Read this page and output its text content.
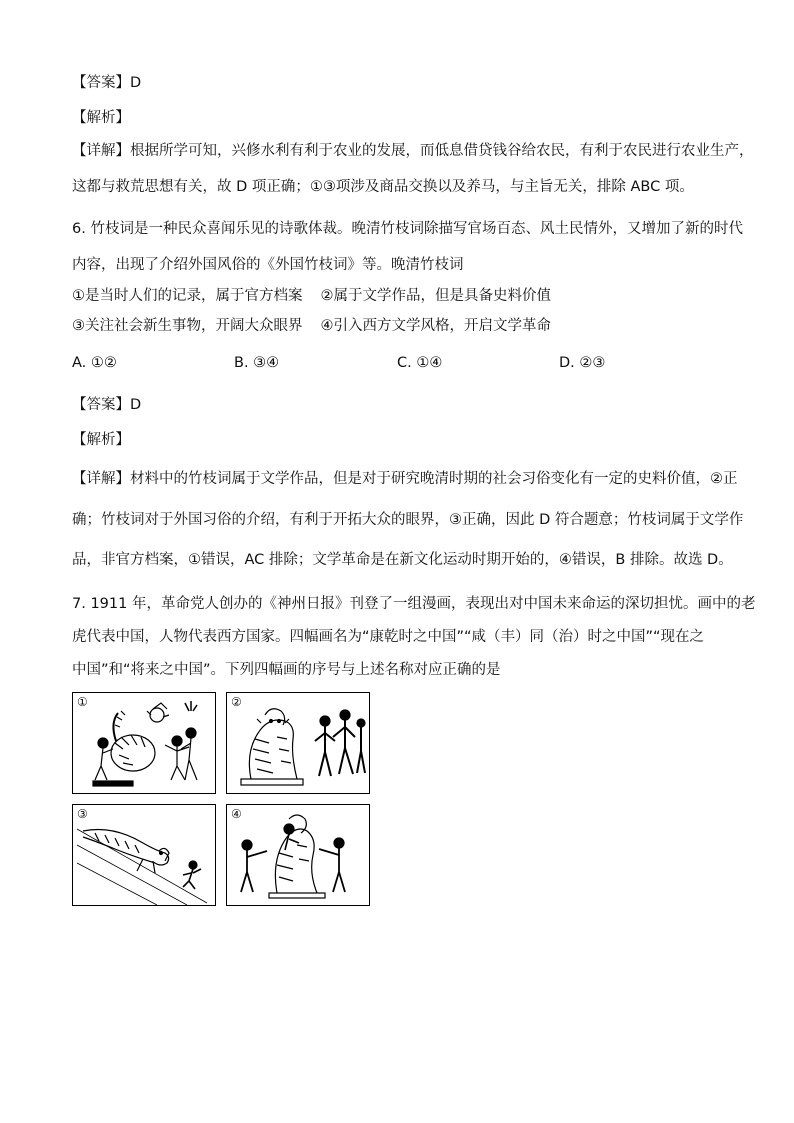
【答案】D
【解析】
【详解】根据所学可知，兴修水利有利于农业的发展，而低息借贷钱谷给农民，有利于农民进行农业生产，
这都与救荒思想有关，故 D 项正确；①③项涉及商品交换以及养马，与主旨无关，排除 ABC 项。
6. 竹枝词是一种民众喜闻乐见的诗歌体裁。晚清竹枝词除描写官场百态、风土民情外，又增加了新的时代
内容，出现了介绍外国风俗的《外国竹枝词》等。晚清竹枝词
①是当时人们的记录，属于官方档案 ②属于文学作品，但是具备史料价值
③关注社会新生事物，开阔大众眼界 ④引入西方文学风格，开启文学革命
A. ①②	B. ③④	C. ①④	D. ②③
【答案】D
【解析】
【详解】材料中的竹枝词属于文学作品，但是对于研究晚清时期的社会习俗变化有一定的史料价值，②正
确；竹枝词对于外国习俗的介绍，有利于开拓大众的眼界，③正确，因此 D 符合题意；竹枝词属于文学作
品，非官方档案，①错误，AC 排除；文学革命是在新文化运动时期开始的，④错误，B 排除。故选 D。
7. 1911 年，革命党人创办的《神州日报》刊登了一组漫画，表现出对中国未来命运的深切担忧。画中的老
虎代表中国，人物代表西方国家。四幅画名为“康乾时之中国”“咸（丰）同（治）时之中国”“现在之
中国”和“将来之中国”。下列四幅画的序号与上述名称对应正确的是
①	②
③	④
